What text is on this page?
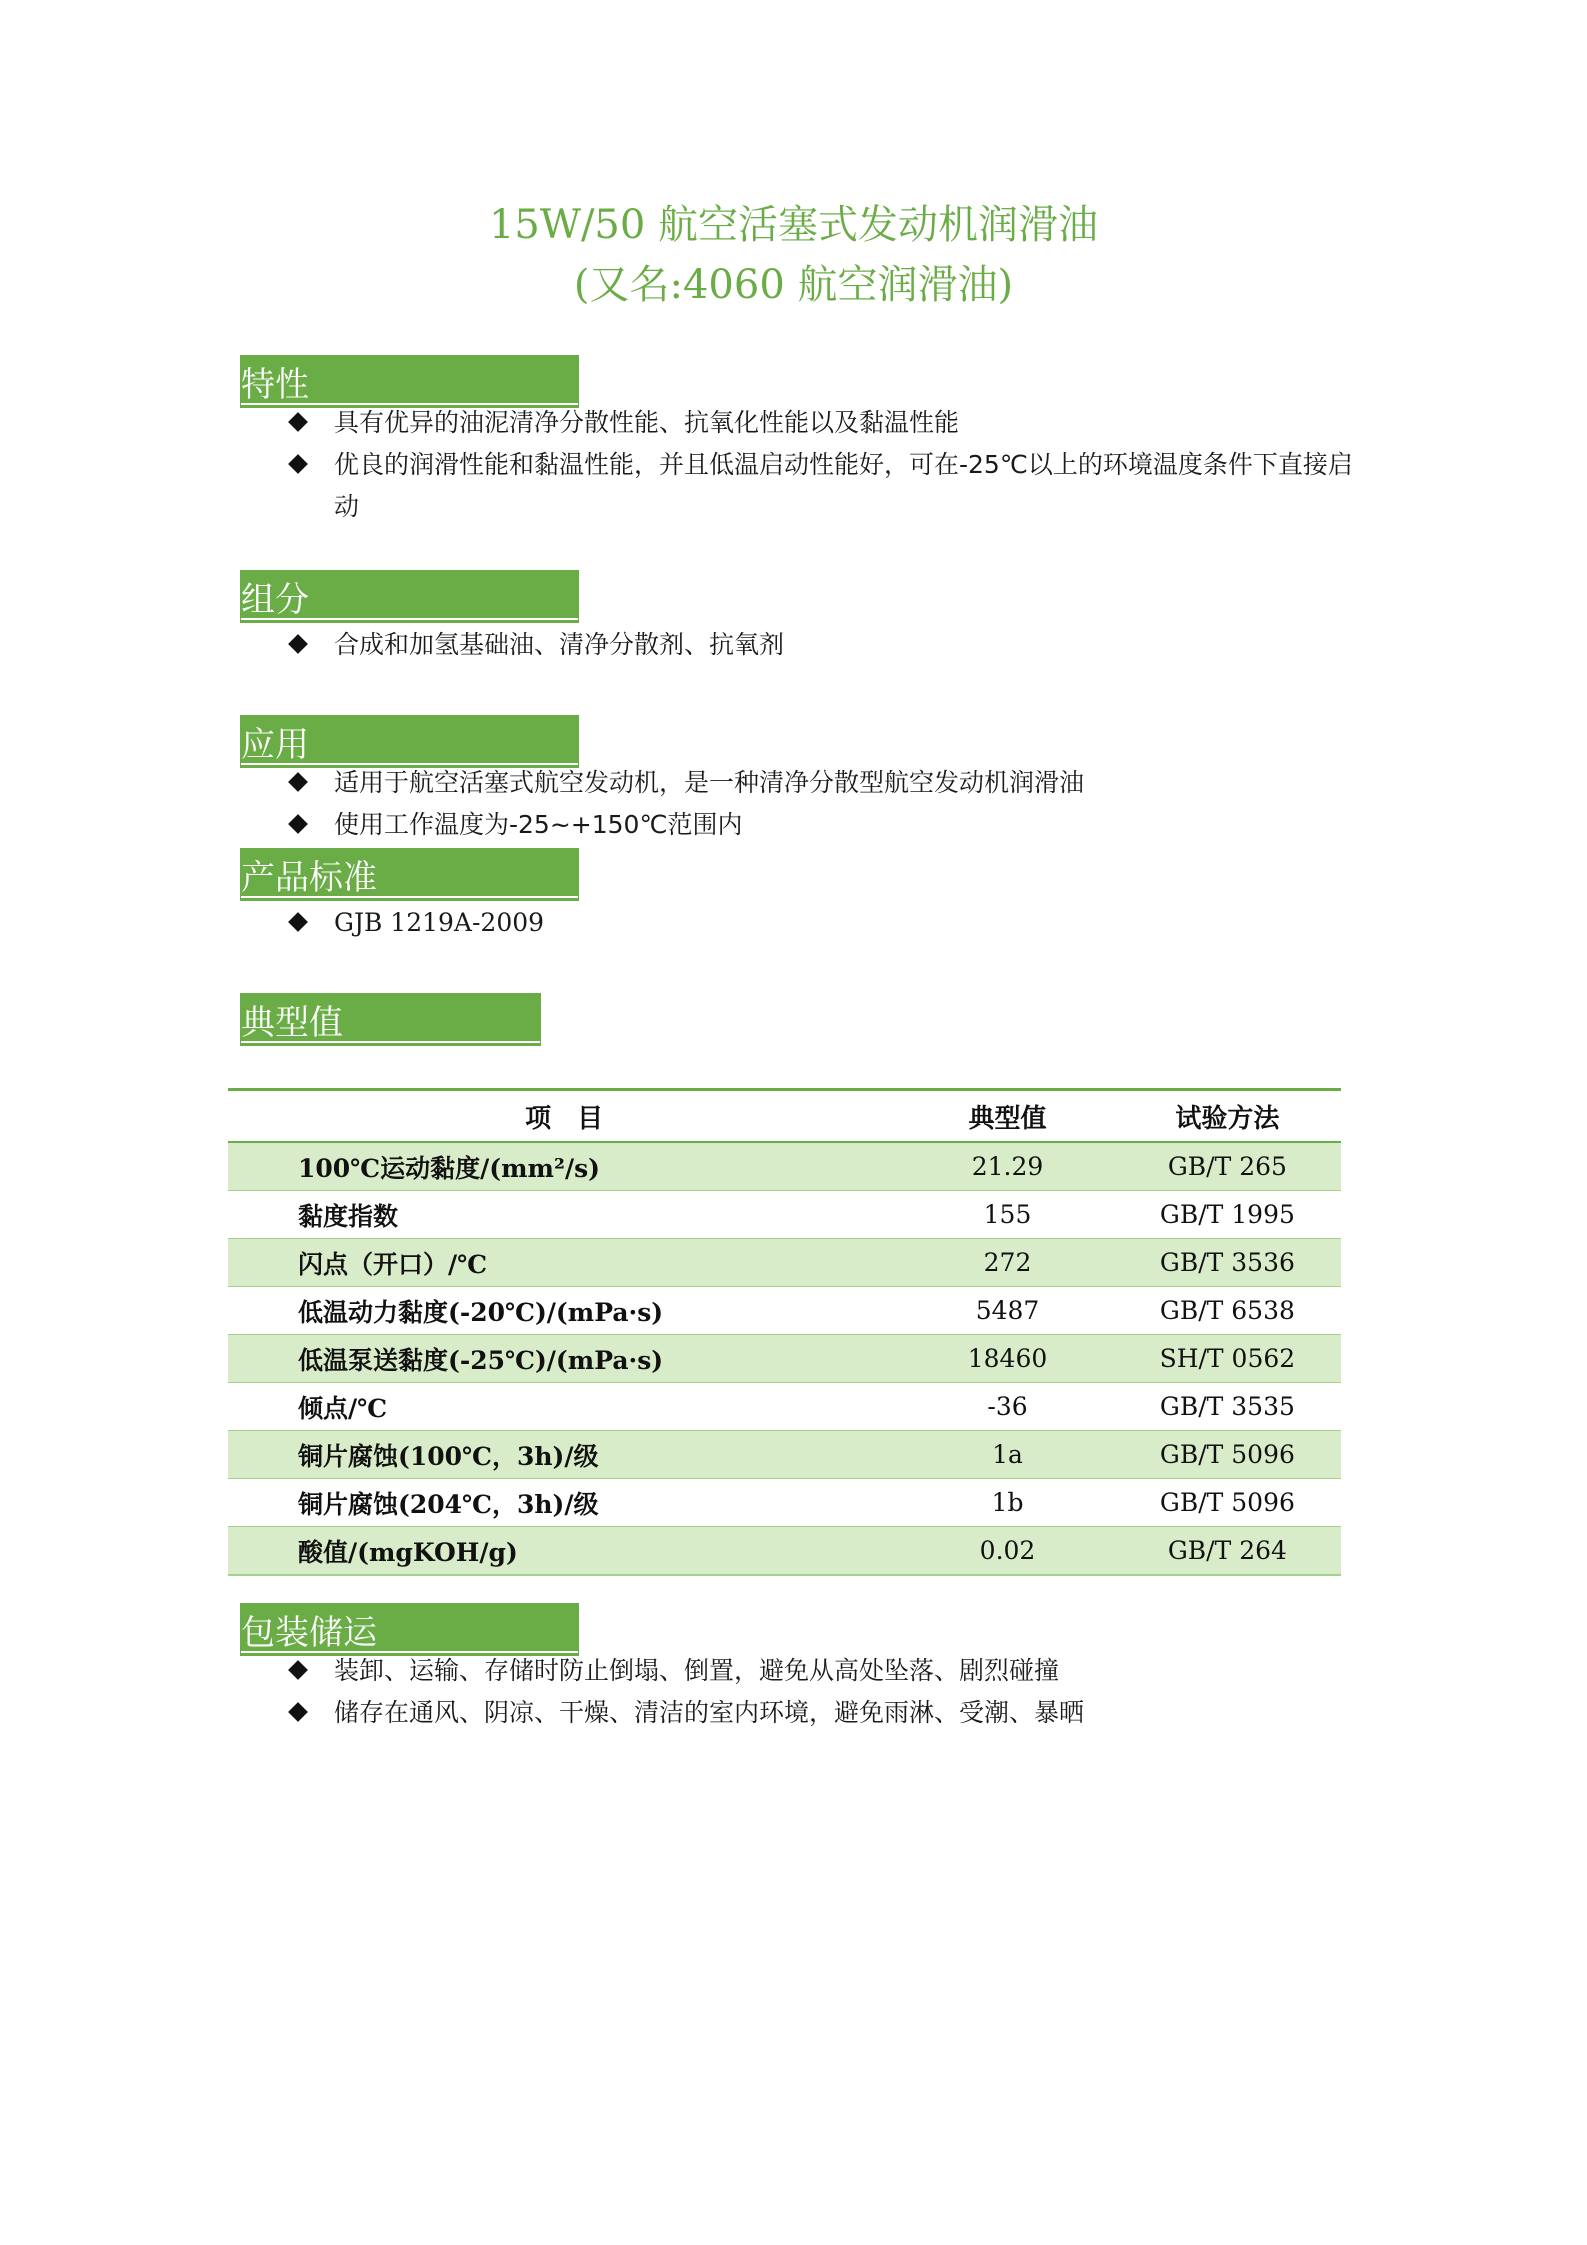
15W/50 航空活塞式发动机润滑油
(又名:4060 航空润滑油)
特性
具有优异的油泥清净分散性能、抗氧化性能以及黏温性能
优良的润滑性能和黏温性能，并且低温启动性能好，可在-25℃以上的环境温度条件下直接启动
组分
合成和加氢基础油、清净分散剂、抗氧剂
应用
适用于航空活塞式航空发动机，是一种清净分散型航空发动机润滑油
使用工作温度为-25~+150℃范围内
产品标准
GJB 1219A-2009
典型值
项　目	典型值	试验方法
100℃运动黏度/(mm²/s)	21.29	GB/T 265
黏度指数	155	GB/T 1995
闪点（开口）/℃	272	GB/T 3536
低温动力黏度(-20℃)/(mPa·s)	5487	GB/T 6538
低温泵送黏度(-25℃)/(mPa·s)	18460	SH/T 0562
倾点/℃	-36	GB/T 3535
铜片腐蚀(100℃，3h)/级	1a	GB/T 5096
铜片腐蚀(204℃，3h)/级	1b	GB/T 5096
酸值/(mgKOH/g)	0.02	GB/T 264
包装储运
装卸、运输、存储时防止倒塌、倒置，避免从高处坠落、剧烈碰撞
储存在通风、阴凉、干燥、清洁的室内环境，避免雨淋、受潮、暴晒
